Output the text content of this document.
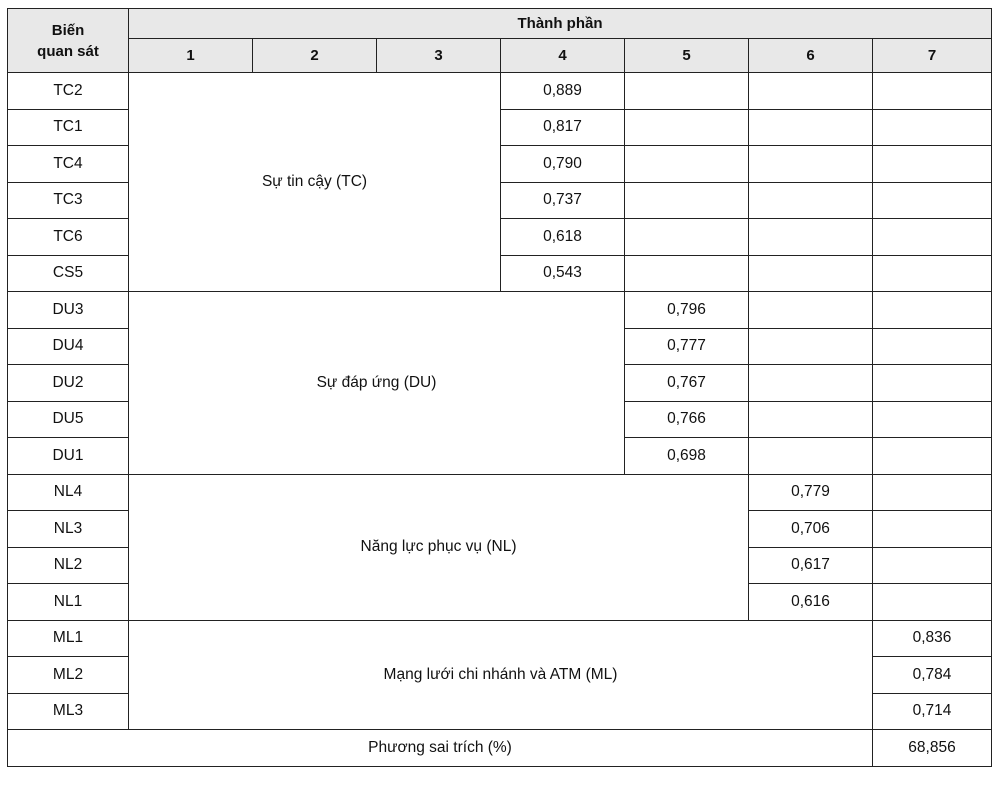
Biến
quan sát	Thành phần						
	1	2	3	4	5	6	7
TC2	Sự tin cậy (TC)			0,889			
TC1				0,817			
TC4				0,790			
TC3				0,737			
TC6				0,618			
CS5				0,543			
DU3	Sự đáp ứng (DU)				0,796		
DU4					0,777		
DU2					0,767		
DU5					0,766		
DU1					0,698		
NL4	Năng lực phục vụ (NL)					0,779	
NL3						0,706	
NL2						0,617	
NL1						0,616	
ML1	Mạng lưới chi nhánh và ATM (ML)						0,836
ML2							0,784
ML3							0,714
Phương sai trích (%)							68,856
